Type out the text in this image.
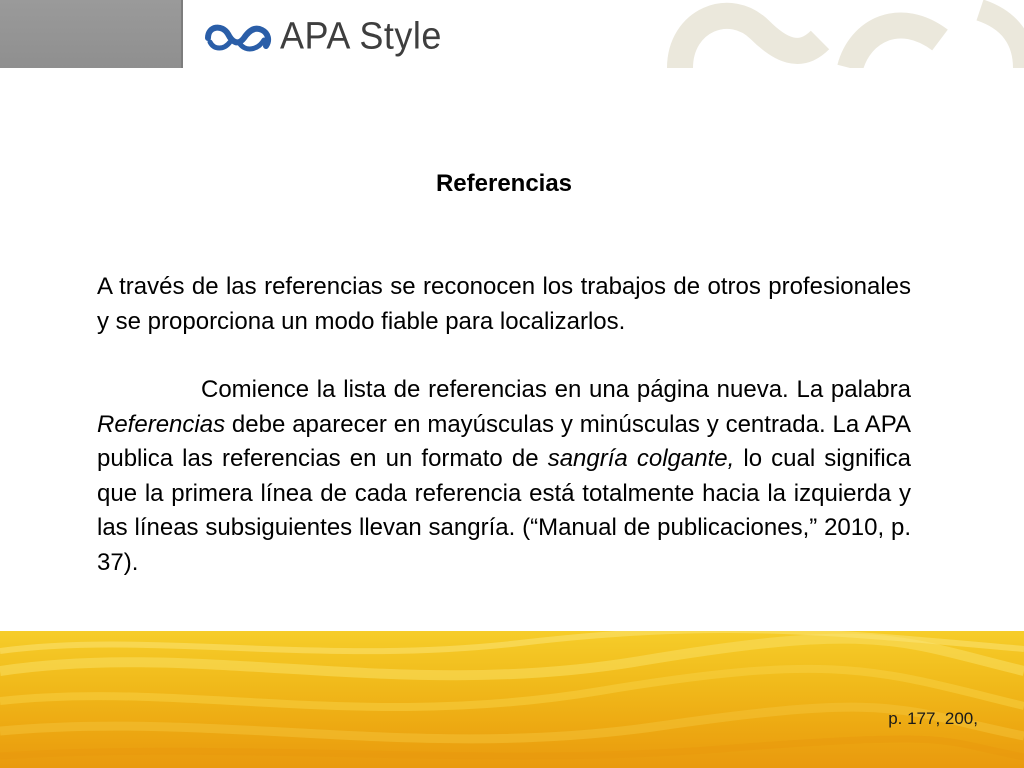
APA Style
Referencias

A través de las referencias se reconocen los trabajos de otros profesionales y se proporciona un modo fiable para localizarlos.

Comience la lista de referencias en una página nueva. La palabra Referencias debe aparecer en mayúsculas y minúsculas y centrada. La APA publica las referencias en un formato de sangría colgante, lo cual significa que la primera línea de cada referencia está totalmente hacia la izquierda y las líneas subsiguientes llevan sangría. (“Manual de publicaciones,” 2010, p. 37).

p. 177, 200,
